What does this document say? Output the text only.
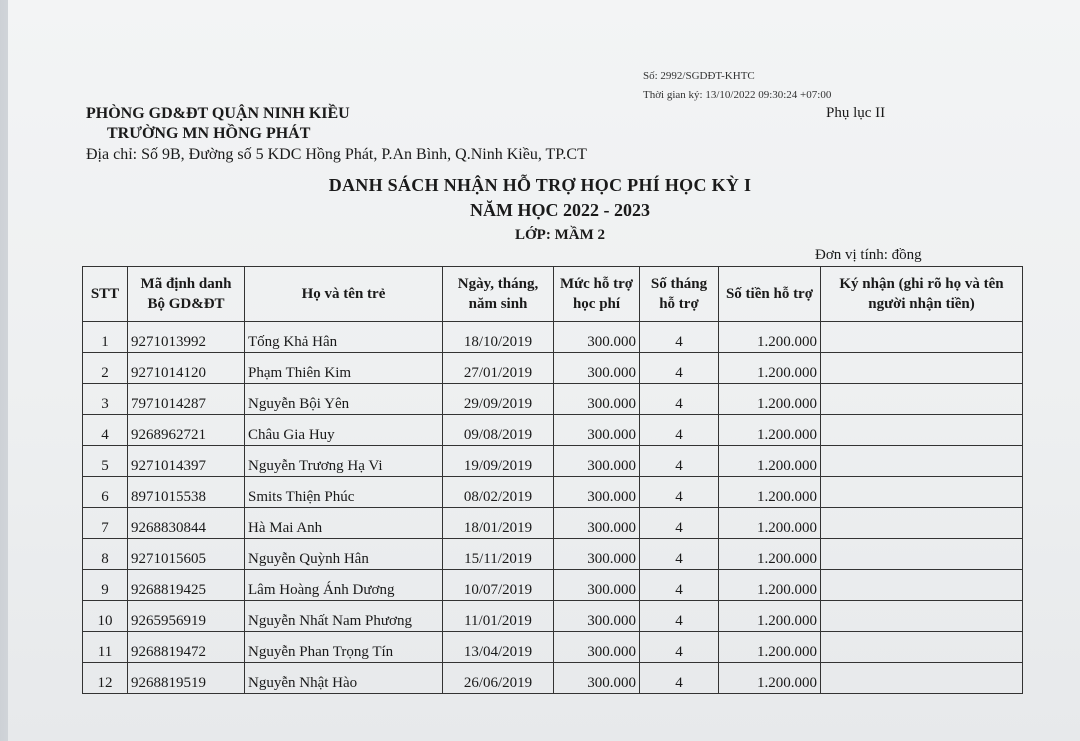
Số: 2992/SGDĐT-KHTC
Thời gian ký: 13/10/2022 09:30:24 +07:00
PHÒNG GD&ĐT QUẬN NINH KIỀU
TRƯỜNG MN HỒNG PHÁT
Địa chỉ: Số 9B, Đường số 5 KDC Hồng Phát, P.An Bình, Q.Ninh Kiều, TP.CT
Phụ lục II
DANH SÁCH NHẬN HỖ TRỢ HỌC PHÍ HỌC KỲ I
NĂM HỌC 2022 - 2023
LỚP: MẦM 2
Đơn vị tính: đồng
STT	Mã định danh Bộ GD&ĐT	Họ và tên trẻ	Ngày, tháng, năm sinh	Mức hỗ trợ học phí	Số tháng hỗ trợ	Số tiền hỗ trợ	Ký nhận (ghi rõ họ và tên người nhận tiền)
1	9271013992	Tống Khả Hân	18/10/2019	300.000	4	1.200.000	
2	9271014120	Phạm Thiên Kim	27/01/2019	300.000	4	1.200.000	
3	7971014287	Nguyễn Bội Yên	29/09/2019	300.000	4	1.200.000	
4	9268962721	Châu Gia Huy	09/08/2019	300.000	4	1.200.000	
5	9271014397	Nguyễn Trương Hạ Vi	19/09/2019	300.000	4	1.200.000	
6	8971015538	Smits Thiện Phúc	08/02/2019	300.000	4	1.200.000	
7	9268830844	Hà Mai Anh	18/01/2019	300.000	4	1.200.000	
8	9271015605	Nguyễn Quỳnh Hân	15/11/2019	300.000	4	1.200.000	
9	9268819425	Lâm Hoàng Ánh Dương	10/07/2019	300.000	4	1.200.000	
10	9265956919	Nguyễn Nhất Nam Phương	11/01/2019	300.000	4	1.200.000	
11	9268819472	Nguyễn Phan Trọng Tín	13/04/2019	300.000	4	1.200.000	
12	9268819519	Nguyễn Nhật Hào	26/06/2019	300.000	4	1.200.000	
